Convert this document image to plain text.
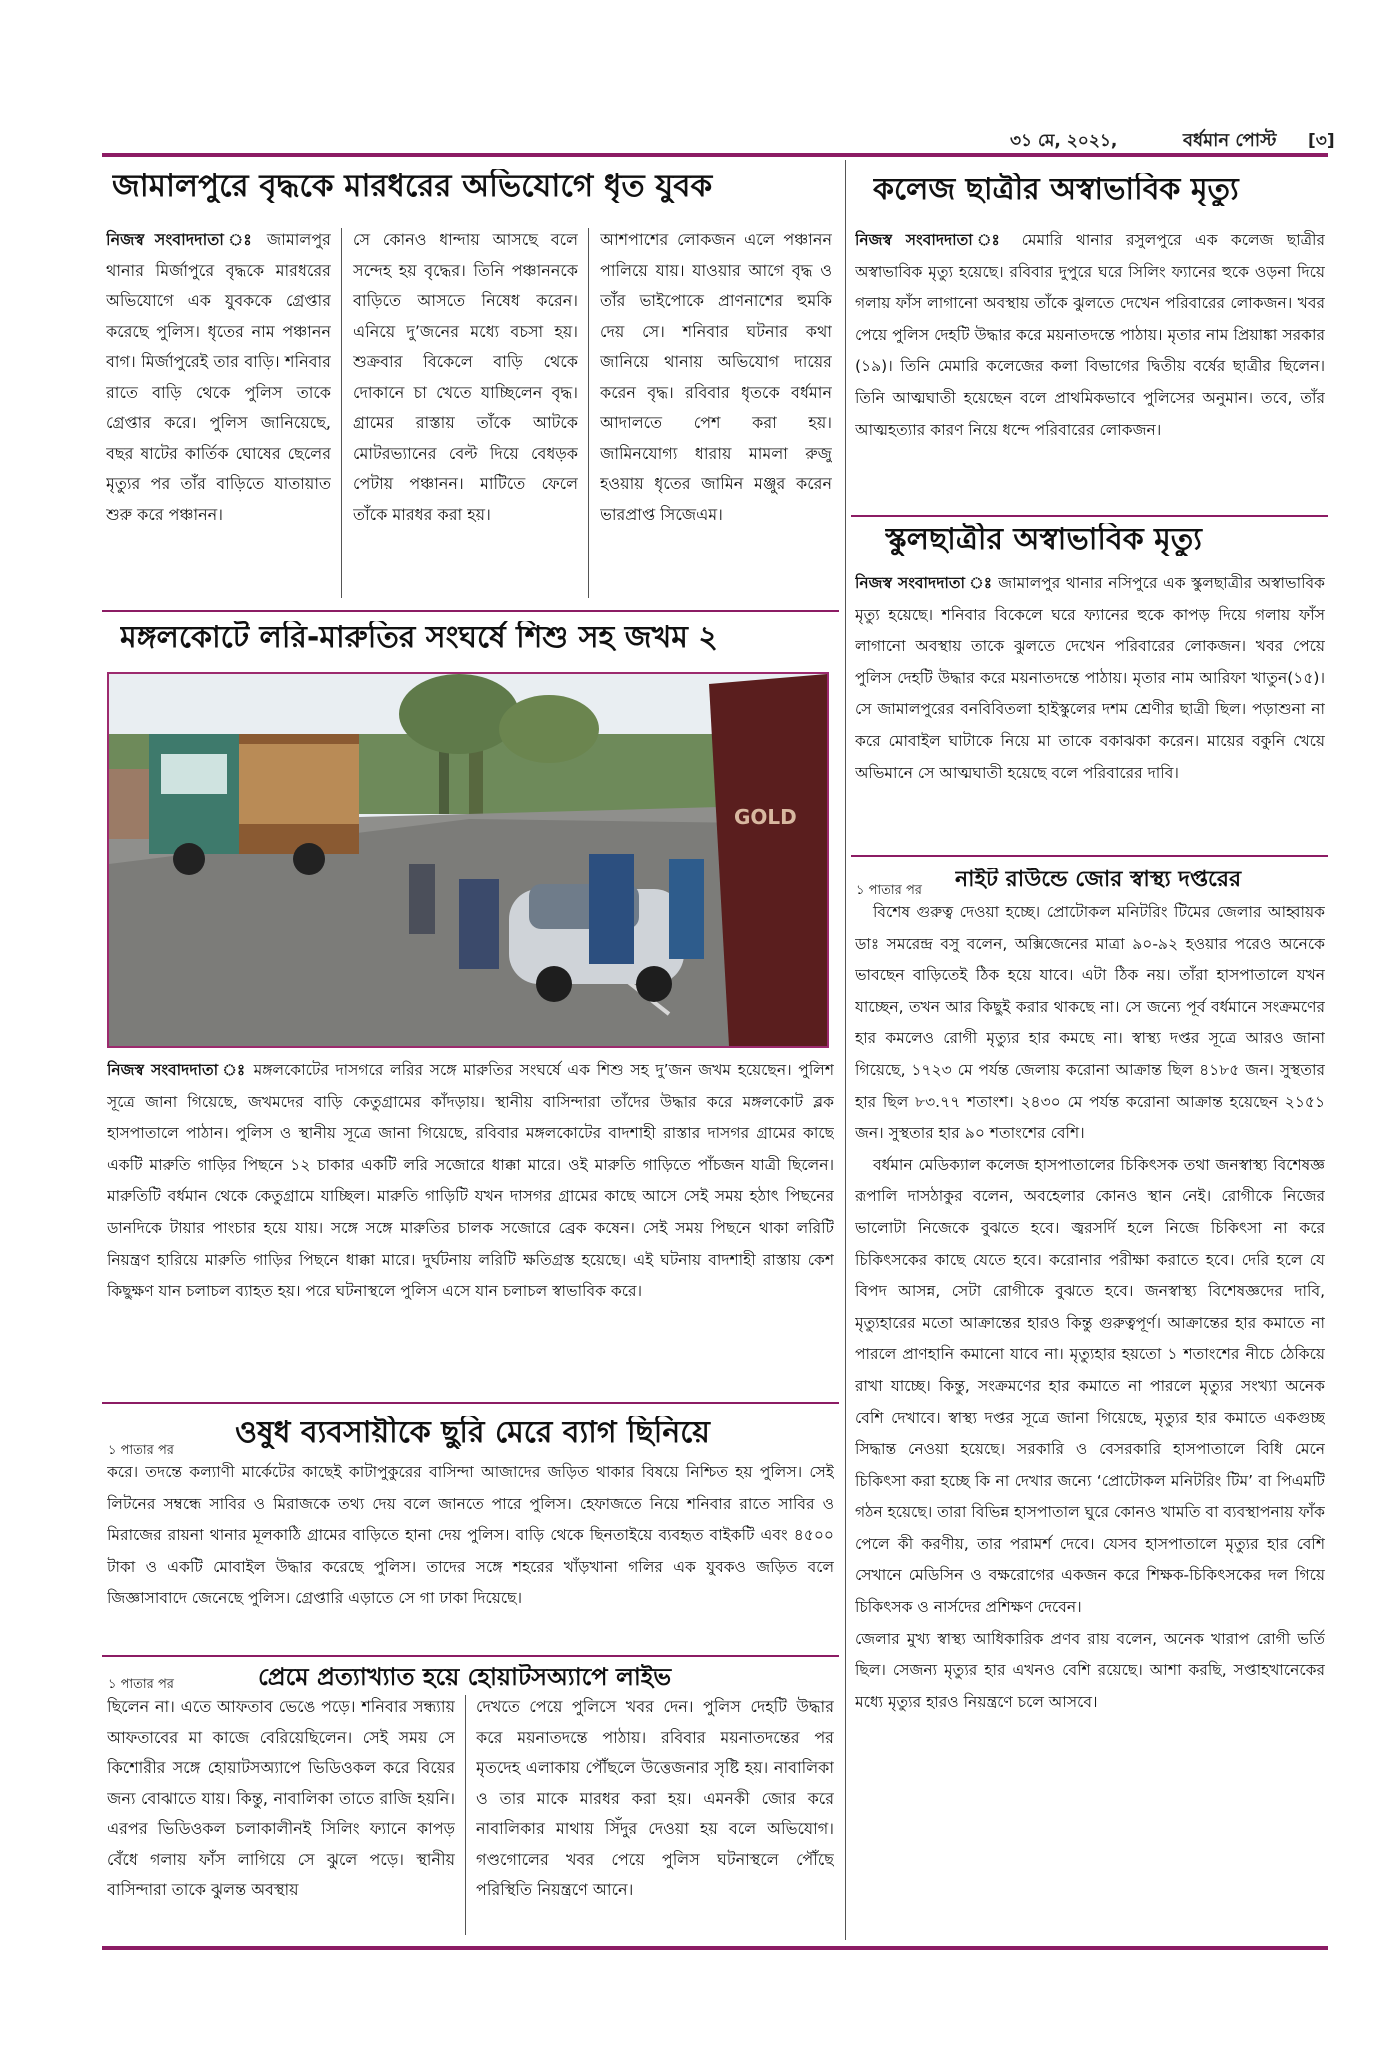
৩১ মে, ২০২১,	বর্ধমান পোস্ট [৩]
জামালপুরে বৃদ্ধকে মারধরের অভিযোগে ধৃত যুবক
নিজস্ব সংবাদদাতা ঃ জামালপুর থানার মির্জাপুরে বৃদ্ধকে মারধরের অভিযোগে এক যুবককে গ্রেপ্তার করেছে পুলিস। ধৃতের নাম পঞ্চানন বাগ। মির্জাপুরেই তার বাড়ি। শনিবার রাতে বাড়ি থেকে পুলিস তাকে গ্রেপ্তার করে। পুলিস জানিয়েছে, বছর ষাটের কার্তিক ঘোষের ছেলের মৃত্যুর পর তাঁর বাড়িতে যাতায়াত শুরু করে পঞ্চানন।
সে কোনও ধান্দায় আসছে বলে সন্দেহ হয় বৃদ্ধের। তিনি পঞ্চাননকে বাড়িতে আসতে নিষেধ করেন। এনিয়ে দু’জনের মধ্যে বচসা হয়। শুক্রবার বিকেলে বাড়ি থেকে দোকানে চা খেতে যাচ্ছিলেন বৃদ্ধ। গ্রামের রাস্তায় তাঁকে আটকে মোটরভ্যানের বেল্ট দিয়ে বেধড়ক পেটায় পঞ্চানন। মাটিতে ফেলে তাঁকে মারধর করা হয়।
আশপাশের লোকজন এলে পঞ্চানন পালিয়ে যায়। যাওয়ার আগে বৃদ্ধ ও তাঁর ভাইপোকে প্রাণনাশের হুমকি দেয় সে। শনিবার ঘটনার কথা জানিয়ে থানায় অভিযোগ দায়ের করেন বৃদ্ধ। রবিবার ধৃতকে বর্ধমান আদালতে পেশ করা হয়। জামিনযোগ্য ধারায় মামলা রুজু হওয়ায় ধৃতের জামিন মঞ্জুর করেন ভারপ্রাপ্ত সিজেএম।
মঙ্গলকোটে লরি-মারুতির সংঘর্ষে শিশু সহ জখম ২
GOLD
নিজস্ব সংবাদদাতা ঃ মঙ্গলকোটের দাসগরে লরির সঙ্গে মারুতির সংঘর্ষে এক শিশু সহ দু’জন জখম হয়েছেন। পুলিশ সূত্রে জানা গিয়েছে, জখমদের বাড়ি কেতুগ্রামের কাঁদড়ায়। স্থানীয় বাসিন্দারা তাঁদের উদ্ধার করে মঙ্গলকোট ব্লক হাসপাতালে পাঠান। পুলিস ও স্থানীয় সূত্রে জানা গিয়েছে, রবিবার মঙ্গলকোটের বাদশাহী রাস্তার দাসগর গ্রামের কাছে একটি মারুতি গাড়ির পিছনে ১২ চাকার একটি লরি সজোরে ধাক্কা মারে। ওই মারুতি গাড়িতে পাঁচজন যাত্রী ছিলেন। মারুতিটি বর্ধমান থেকে কেতুগ্রামে যাচ্ছিল। মারুতি গাড়িটি যখন দাসগর গ্রামের কাছে আসে সেই সময় হঠাৎ পিছনের ডানদিকে টায়ার পাংচার হয়ে যায়। সঙ্গে সঙ্গে মারুতির চালক সজোরে ব্রেক কষেন। সেই সময় পিছনে থাকা লরিটি নিয়ন্ত্রণ হারিয়ে মারুতি গাড়ির পিছনে ধাক্কা মারে। দুর্ঘটনায় লরিটি ক্ষতিগ্রস্ত হয়েছে। এই ঘটনায় বাদশাহী রাস্তায় কেশ কিছুক্ষণ যান চলাচল ব্যাহত হয়। পরে ঘটনাস্থলে পুলিস এসে যান চলাচল স্বাভাবিক করে।
১ পাতার পর
ওষুধ ব্যবসায়ীকে ছুরি মেরে ব্যাগ ছিনিয়ে
করে। তদন্তে কল্যাণী মার্কেটের কাছেই কাটাপুকুরের বাসিন্দা আজাদের জড়িত থাকার বিষয়ে নিশ্চিত হয় পুলিস। সেই লিটনের সম্বন্ধে সাবির ও মিরাজকে তথ্য দেয় বলে জানতে পারে পুলিস। হেফাজতে নিয়ে শনিবার রাতে সাবির ও মিরাজের রায়না থানার মূলকাঠি গ্রামের বাড়িতে হানা দেয় পুলিস। বাড়ি থেকে ছিনতাইয়ে ব্যবহৃত বাইকটি এবং ৪৫০০ টাকা ও একটি মোবাইল উদ্ধার করেছে পুলিস। তাদের সঙ্গে শহরের খাঁড়খানা গলির এক যুবকও জড়িত বলে জিজ্ঞাসাবাদে জেনেছে পুলিস। গ্রেপ্তারি এড়াতে সে গা ঢাকা দিয়েছে।
১ পাতার পর	প্রেমে প্রত্যাখ্যাত হয়ে হোয়াটসঅ্যাপে লাইভ
ছিলেন না। এতে আফতাব ভেঙে পড়ে। শনিবার সন্ধ্যায় আফতাবের মা কাজে বেরিয়েছিলেন। সেই সময় সে কিশোরীর সঙ্গে হোয়াটসঅ্যাপে ভিডিওকল করে বিয়ের জন্য বোঝাতে যায়। কিন্তু, নাবালিকা তাতে রাজি হয়নি। এরপর ভিডিওকল চলাকালীনই সিলিং ফ্যানে কাপড় বেঁধে গলায় ফাঁস লাগিয়ে সে ঝুলে পড়ে। স্থানীয় বাসিন্দারা তাকে ঝুলন্ত অবস্থায়
দেখতে পেয়ে পুলিসে খবর দেন। পুলিস দেহটি উদ্ধার করে ময়নাতদন্তে পাঠায়। রবিবার ময়নাতদন্তের পর মৃতদেহ এলাকায় পৌঁছলে উত্তেজনার সৃষ্টি হয়। নাবালিকা ও তার মাকে মারধর করা হয়। এমনকী জোর করে নাবালিকার মাথায় সিঁদুর দেওয়া হয় বলে অভিযোগ। গণ্ডগোলের খবর পেয়ে পুলিস ঘটনাস্থলে পৌঁছে পরিস্থিতি নিয়ন্ত্রণে আনে।
কলেজ ছাত্রীর অস্বাভাবিক মৃত্যু
নিজস্ব সংবাদদাতা ঃ মেমারি থানার রসুলপুরে এক কলেজ ছাত্রীর অস্বাভাবিক মৃত্যু হয়েছে। রবিবার দুপুরে ঘরে সিলিং ফ্যানের হুকে ওড়না দিয়ে গলায় ফাঁস লাগানো অবস্থায় তাঁকে ঝুলতে দেখেন পরিবারের লোকজন। খবর পেয়ে পুলিস দেহটি উদ্ধার করে ময়নাতদন্তে পাঠায়। মৃতার নাম প্রিয়াঙ্কা সরকার (১৯)। তিনি মেমারি কলেজের কলা বিভাগের দ্বিতীয় বর্ষের ছাত্রীর ছিলেন। তিনি আত্মঘাতী হয়েছেন বলে প্রাথমিকভাবে পুলিসের অনুমান। তবে, তাঁর আত্মহত্যার কারণ নিয়ে ধন্দে পরিবারের লোকজন।
স্কুলছাত্রীর অস্বাভাবিক মৃত্যু
নিজস্ব সংবাদদাতা ঃ জামালপুর থানার নসিপুরে এক স্কুলছাত্রীর অস্বাভাবিক মৃত্যু হয়েছে। শনিবার বিকেলে ঘরে ফ্যানের হুকে কাপড় দিয়ে গলায় ফাঁস লাগানো অবস্থায় তাকে ঝুলতে দেখেন পরিবারের লোকজন। খবর পেয়ে পুলিস দেহটি উদ্ধার করে ময়নাতদন্তে পাঠায়। মৃতার নাম আরিফা খাতুন(১৫)। সে জামালপুরের বনবিবিতলা হাইস্কুলের দশম শ্রেণীর ছাত্রী ছিল। পড়াশুনা না করে মোবাইল ঘাটাকে নিয়ে মা তাকে বকাঝকা করেন। মায়ের বকুনি খেয়ে অভিমানে সে আত্মঘাতী হয়েছে বলে পরিবারের দাবি।
১ পাতার পর নাইট রাউন্ডে জোর স্বাস্থ্য দপ্তরের
বিশেষ গুরুত্ব দেওয়া হচ্ছে। প্রোটোকল মনিটরিং টিমের জেলার আহ্বায়ক ডাঃ সমরেন্দ্র বসু বলেন, অক্সিজেনের মাত্রা ৯০-৯২ হওয়ার পরেও অনেকে ভাবছেন বাড়িতেই ঠিক হয়ে যাবে। এটা ঠিক নয়। তাঁরা হাসপাতালে যখন যাচ্ছেন, তখন আর কিছুই করার থাকছে না। সে জন্যে পূর্ব বর্ধমানে সংক্রমণের হার কমলেও রোগী মৃত্যুর হার কমছে না। স্বাস্থ্য দপ্তর সূত্রে আরও জানা গিয়েছে, ১৭২৩ মে পর্যন্ত জেলায় করোনা আক্রান্ত ছিল ৪১৮৫ জন। সুস্থতার হার ছিল ৮৩.৭৭ শতাংশ। ২৪৩০ মে পর্যন্ত করোনা আক্রান্ত হয়েছেন ২১৫১ জন। সুস্থতার হার ৯০ শতাংশের বেশি।
বর্ধমান মেডিক্যাল কলেজ হাসপাতালের চিকিৎসক তথা জনস্বাস্থ্য বিশেষজ্ঞ রূপালি দাসঠাকুর বলেন, অবহেলার কোনও স্থান নেই। রোগীকে নিজের ভালোটা নিজেকে বুঝতে হবে। জ্বরসর্দি হলে নিজে চিকিৎসা না করে চিকিৎসকের কাছে যেতে হবে। করোনার পরীক্ষা করাতে হবে। দেরি হলে যে বিপদ আসন্ন, সেটা রোগীকে বুঝতে হবে। জনস্বাস্থ্য বিশেষজ্ঞদের দাবি, মৃত্যুহারের মতো আক্রান্তের হারও কিন্তু গুরুত্বপূর্ণ। আক্রান্তের হার কমাতে না পারলে প্রাণহানি কমানো যাবে না। মৃত্যুহার হয়তো ১ শতাংশের নীচে ঠেকিয়ে রাখা যাচ্ছে। কিন্তু, সংক্রমণের হার কমাতে না পারলে মৃত্যুর সংখ্যা অনেক বেশি দেখাবে। স্বাস্থ্য দপ্তর সূত্রে জানা গিয়েছে, মৃত্যুর হার কমাতে একগুচ্ছ সিদ্ধান্ত নেওয়া হয়েছে। সরকারি ও বেসরকারি হাসপাতালে বিধি মেনে চিকিৎসা করা হচ্ছে কি না দেখার জন্যে ‘প্রোটোকল মনিটরিং টিম’ বা পিএমটি গঠন হয়েছে। তারা বিভিন্ন হাসপাতাল ঘুরে কোনও খামতি বা ব্যবস্থাপনায় ফাঁক পেলে কী করণীয়, তার পরামর্শ দেবে। যেসব হাসপাতালে মৃত্যুর হার বেশি সেখানে মেডিসিন ও বক্ষরোগের একজন করে শিক্ষক-চিকিৎসকের দল গিয়ে চিকিৎসক ও নার্সদের প্রশিক্ষণ দেবেন।
জেলার মুখ্য স্বাস্থ্য আধিকারিক প্রণব রায় বলেন, অনেক খারাপ রোগী ভর্তি ছিল। সেজন্য মৃত্যুর হার এখনও বেশি রয়েছে। আশা করছি, সপ্তাহখানেকের মধ্যে মৃত্যুর হারও নিয়ন্ত্রণে চলে আসবে।
